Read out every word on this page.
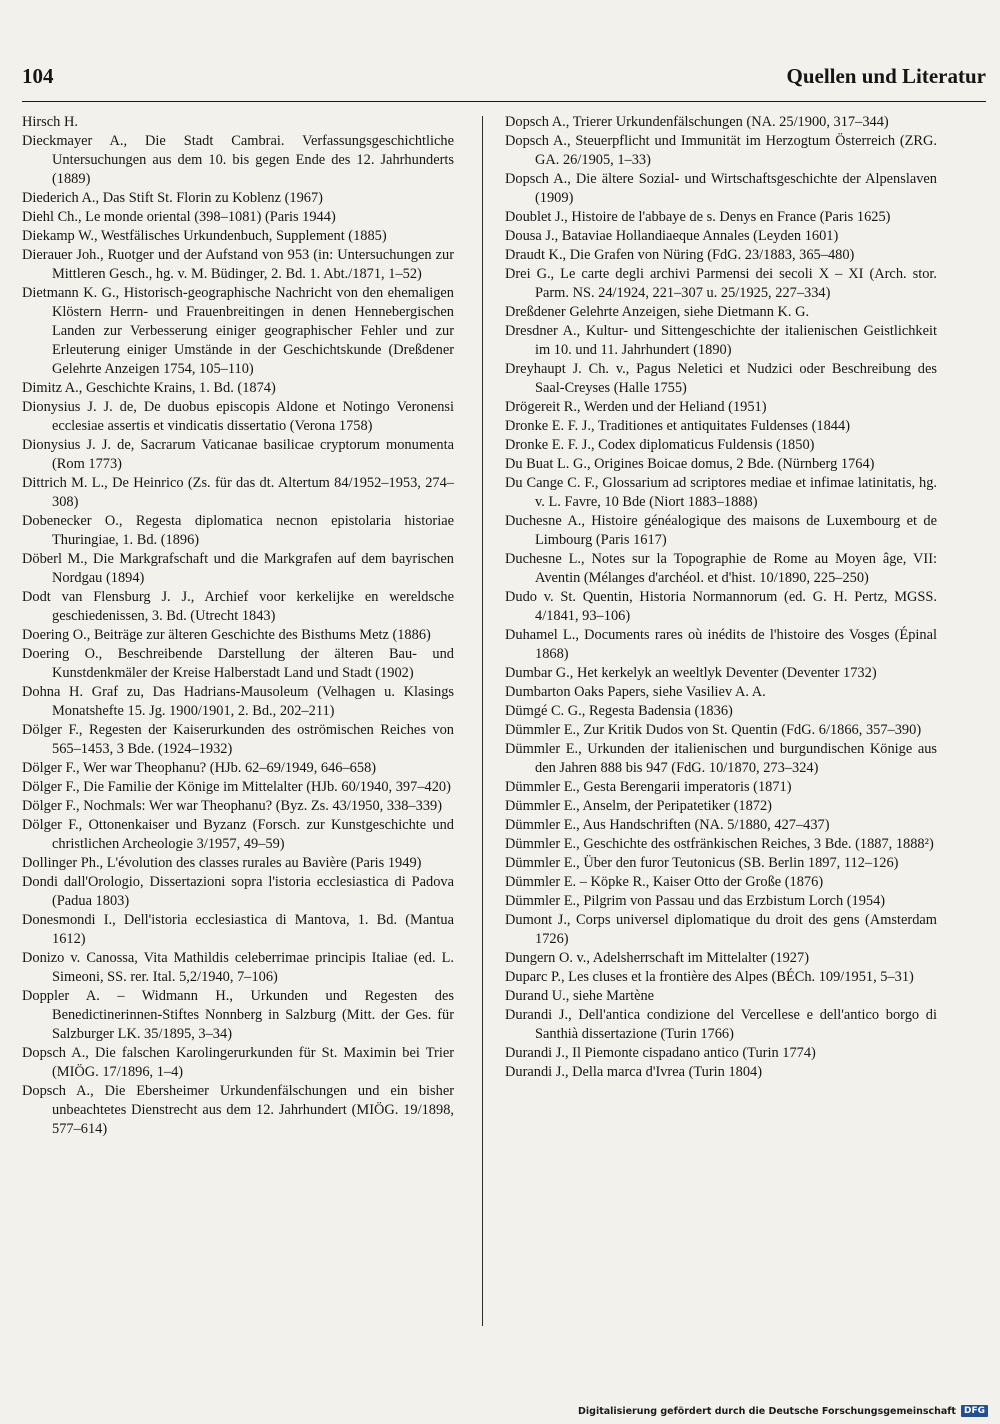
104	Quellen und Literatur
Hirsch H.
Dieckmayer A., Die Stadt Cambrai. Verfassungsgeschichtliche Untersuchungen aus dem 10. bis gegen Ende des 12. Jahrhunderts (1889)
Diederich A., Das Stift St. Florin zu Koblenz (1967)
Diehl Ch., Le monde oriental (398–1081) (Paris 1944)
Diekamp W., Westfälisches Urkundenbuch, Supplement (1885)
Dierauer Joh., Ruotger und der Aufstand von 953 (in: Untersuchungen zur Mittleren Gesch., hg. v. M. Büdinger, 2. Bd. 1. Abt./1871, 1–52)
Dietmann K. G., Historisch-geographische Nachricht von den ehemaligen Klöstern Herrn- und Frauenbreitingen in denen Hennebergischen Landen zur Verbesserung einiger geographischer Fehler und zur Erleuterung einiger Umstände in der Geschichtskunde (Dreßdener Gelehrte Anzeigen 1754, 105–110)
Dimitz A., Geschichte Krains, 1. Bd. (1874)
Dionysius J. J. de, De duobus episcopis Aldone et Notingo Veronensi ecclesiae assertis et vindicatis dissertatio (Verona 1758)
Dionysius J. J. de, Sacrarum Vaticanae basilicae cryptorum monumenta (Rom 1773)
Dittrich M. L., De Heinrico (Zs. für das dt. Altertum 84/1952–1953, 274–308)
Dobenecker O., Regesta diplomatica necnon epistolaria historiae Thuringiae, 1. Bd. (1896)
Döberl M., Die Markgrafschaft und die Markgrafen auf dem bayrischen Nordgau (1894)
Dodt van Flensburg J. J., Archief voor kerkelijke en wereldsche geschiedenissen, 3. Bd. (Utrecht 1843)
Doering O., Beiträge zur älteren Geschichte des Bisthums Metz (1886)
Doering O., Beschreibende Darstellung der älteren Bau- und Kunstdenkmäler der Kreise Halberstadt Land und Stadt (1902)
Dohna H. Graf zu, Das Hadrians-Mausoleum (Velhagen u. Klasings Monatshefte 15. Jg. 1900/1901, 2. Bd., 202–211)
Dölger F., Regesten der Kaiserurkunden des oströmischen Reiches von 565–1453, 3 Bde. (1924–1932)
Dölger F., Wer war Theophanu? (HJb. 62–69/1949, 646–658)
Dölger F., Die Familie der Könige im Mittelalter (HJb. 60/1940, 397–420)
Dölger F., Nochmals: Wer war Theophanu? (Byz. Zs. 43/1950, 338–339)
Dölger F., Ottonenkaiser und Byzanz (Forsch. zur Kunstgeschichte und christlichen Archeologie 3/1957, 49–59)
Dollinger Ph., L'évolution des classes rurales au Bavière (Paris 1949)
Dondi dall'Orologio, Dissertazioni sopra l'istoria ecclesiastica di Padova (Padua 1803)
Donesmondi I., Dell'istoria ecclesiastica di Mantova, 1. Bd. (Mantua 1612)
Donizo v. Canossa, Vita Mathildis celeberrimae principis Italiae (ed. L. Simeoni, SS. rer. Ital. 5,2/1940, 7–106)
Doppler A. – Widmann H., Urkunden und Regesten des Benedictinerinnen-Stiftes Nonnberg in Salzburg (Mitt. der Ges. für Salzburger LK. 35/1895, 3–34)
Dopsch A., Die falschen Karolingerurkunden für St. Maximin bei Trier (MIÖG. 17/1896, 1–4)
Dopsch A., Die Ebersheimer Urkundenfälschungen und ein bisher unbeachtetes Dienstrecht aus dem 12. Jahrhundert (MIÖG. 19/1898, 577–614)
Dopsch A., Trierer Urkundenfälschungen (NA. 25/1900, 317–344)
Dopsch A., Steuerpflicht und Immunität im Herzogtum Österreich (ZRG. GA. 26/1905, 1–33)
Dopsch A., Die ältere Sozial- und Wirtschaftsgeschichte der Alpenslaven (1909)
Doublet J., Histoire de l'abbaye de s. Denys en France (Paris 1625)
Dousa J., Bataviae Hollandiaeque Annales (Leyden 1601)
Draudt K., Die Grafen von Nüring (FdG. 23/1883, 365–480)
Drei G., Le carte degli archivi Parmensi dei secoli X – XI (Arch. stor. Parm. NS. 24/1924, 221–307 u. 25/1925, 227–334)
Dreßdener Gelehrte Anzeigen, siehe Dietmann K. G.
Dresdner A., Kultur- und Sittengeschichte der italienischen Geistlichkeit im 10. und 11. Jahrhundert (1890)
Dreyhaupt J. Ch. v., Pagus Neletici et Nudzici oder Beschreibung des Saal-Creyses (Halle 1755)
Drögereit R., Werden und der Heliand (1951)
Dronke E. F. J., Traditiones et antiquitates Fuldenses (1844)
Dronke E. F. J., Codex diplomaticus Fuldensis (1850)
Du Buat L. G., Origines Boicae domus, 2 Bde. (Nürnberg 1764)
Du Cange C. F., Glossarium ad scriptores mediae et infimae latinitatis, hg. v. L. Favre, 10 Bde (Niort 1883–1888)
Duchesne A., Histoire généalogique des maisons de Luxembourg et de Limbourg (Paris 1617)
Duchesne L., Notes sur la Topographie de Rome au Moyen âge, VII: Aventin (Mélanges d'archéol. et d'hist. 10/1890, 225–250)
Dudo v. St. Quentin, Historia Normannorum (ed. G. H. Pertz, MGSS. 4/1841, 93–106)
Duhamel L., Documents rares où inédits de l'histoire des Vosges (Épinal 1868)
Dumbar G., Het kerkelyk an weeltlyk Deventer (Deventer 1732)
Dumbarton Oaks Papers, siehe Vasiliev A. A.
Dümgé C. G., Regesta Badensia (1836)
Dümmler E., Zur Kritik Dudos von St. Quentin (FdG. 6/1866, 357–390)
Dümmler E., Urkunden der italienischen und burgundischen Könige aus den Jahren 888 bis 947 (FdG. 10/1870, 273–324)
Dümmler E., Gesta Berengarii imperatoris (1871)
Dümmler E., Anselm, der Peripatetiker (1872)
Dümmler E., Aus Handschriften (NA. 5/1880, 427–437)
Dümmler E., Geschichte des ostfränkischen Reiches, 3 Bde. (1887, 1888²)
Dümmler E., Über den furor Teutonicus (SB. Berlin 1897, 112–126)
Dümmler E. – Köpke R., Kaiser Otto der Große (1876)
Dümmler E., Pilgrim von Passau und das Erzbistum Lorch (1954)
Dumont J., Corps universel diplomatique du droit des gens (Amsterdam 1726)
Dungern O. v., Adelsherrschaft im Mittelalter (1927)
Duparc P., Les cluses et la frontière des Alpes (BÉCh. 109/1951, 5–31)
Durand U., siehe Martène
Durandi J., Dell'antica condizione del Vercellese e dell'antico borgo di Santhià dissertazione (Turin 1766)
Durandi J., Il Piemonte cispadano antico (Turin 1774)
Durandi J., Della marca d'Ivrea (Turin 1804)
Digitalisierung gefördert durch die Deutsche Forschungsgemeinschaft DFG
